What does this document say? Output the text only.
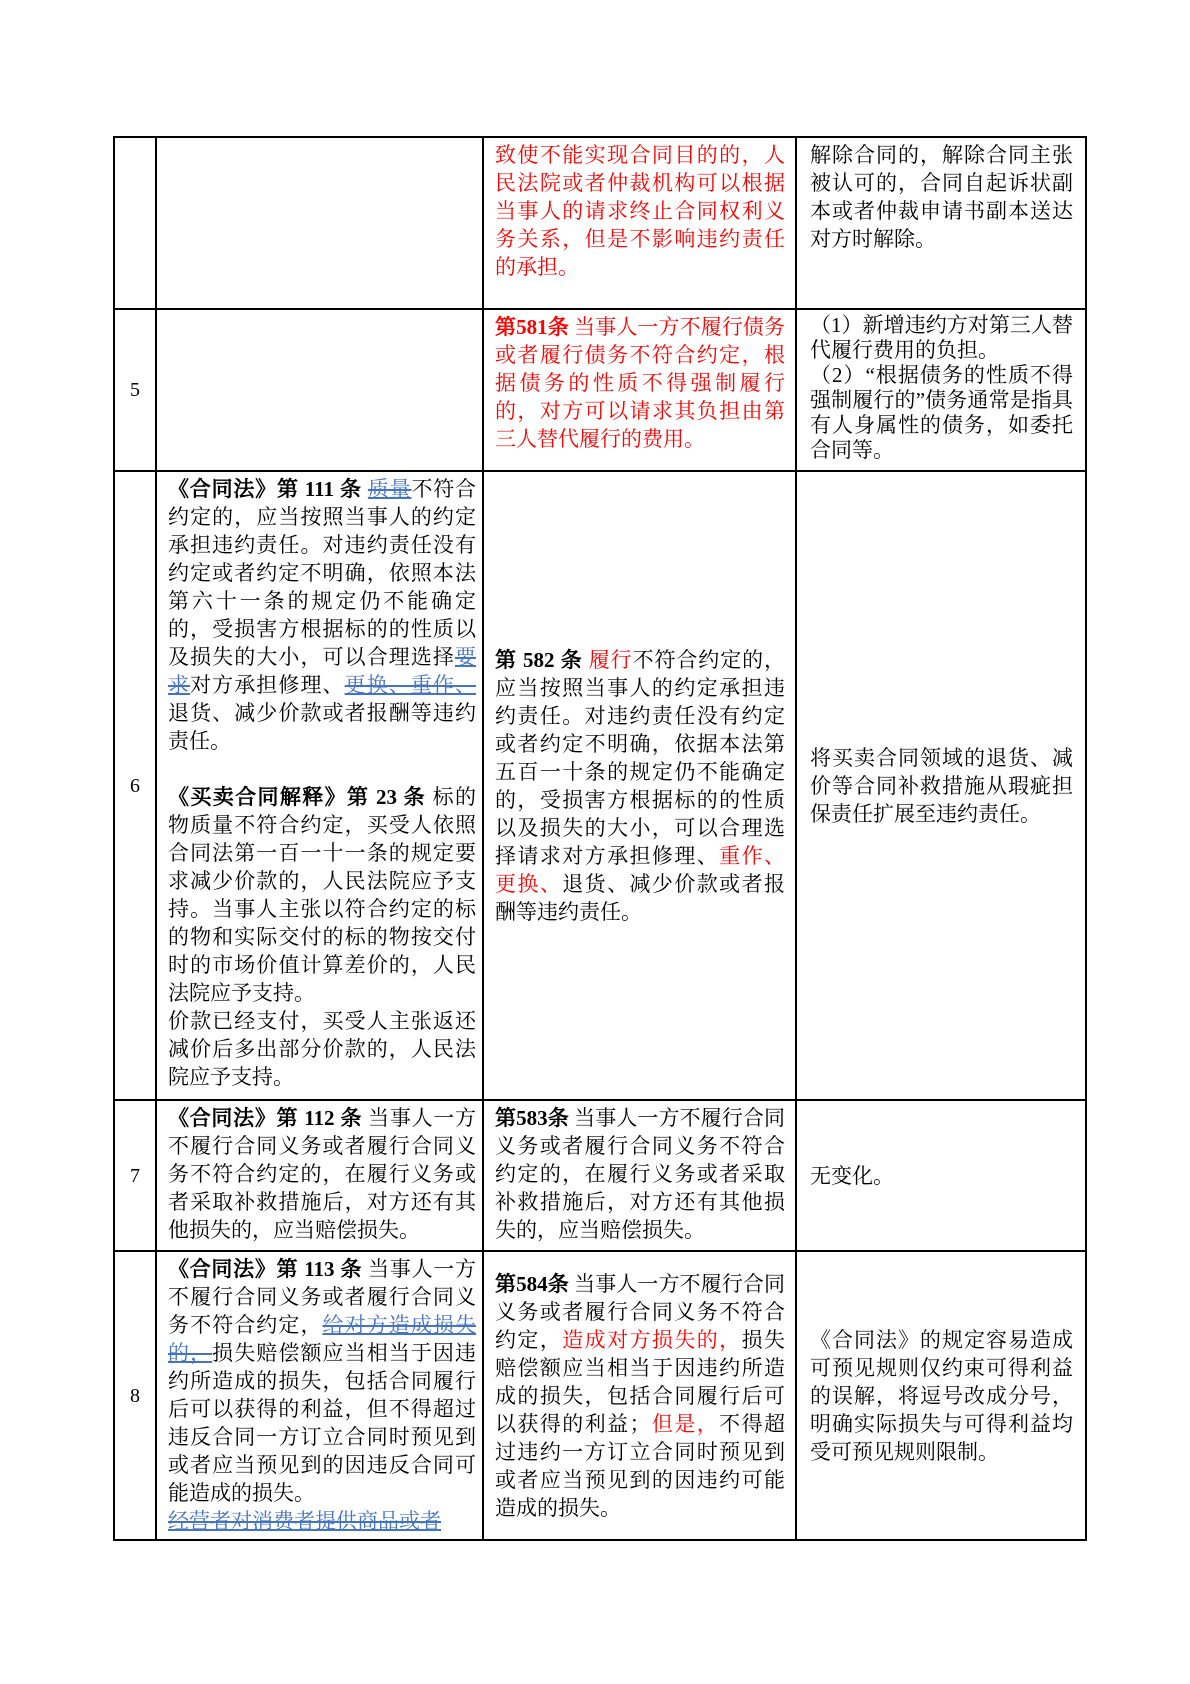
致使不能实现合同目的的，人民法院或者仲裁机构可以根据当事人的请求终止合同权利义务关系，但是不影响违约责任的承担。

解除合同的，解除合同主张被认可的，合同自起诉状副本或者仲裁申请书副本送达对方时解除。

5

第581条 当事人一方不履行债务或者履行债务不符合约定，根据债务的性质不得强制履行的，对方可以请求其负担由第三人替代履行的费用。

（1）新增违约方对第三人替代履行费用的负担。

（2）“根据债务的性质不得强制履行的”债务通常是指具有人身属性的债务，如委托合同等。

6

《合同法》第 111 条 质量不符合约定的，应当按照当事人的约定承担违约责任。对违约责任没有约定或者约定不明确，依照本法第六十一条的规定仍不能确定的，受损害方根据标的的性质以及损失的大小，可以合理选择要求对方承担修理、更换、重作、退货、减少价款或者报酬等违约责任。

《买卖合同解释》第 23 条 标的物质量不符合约定，买受人依照合同法第一百一十一条的规定要求减少价款的，人民法院应予支持。当事人主张以符合约定的标的物和实际交付的标的物按交付时的市场价值计算差价的，人民法院应予支持。

价款已经支付，买受人主张返还减价后多出部分价款的，人民法院应予支持。

第 582 条 履行不符合约定的，应当按照当事人的约定承担违约责任。对违约责任没有约定或者约定不明确，依据本法第五百一十条的规定仍不能确定的，受损害方根据标的的性质以及损失的大小，可以合理选择请求对方承担修理、重作、更换、退货、减少价款或者报酬等违约责任。

将买卖合同领域的退货、减价等合同补救措施从瑕疵担保责任扩展至违约责任。

7

《合同法》第 112 条 当事人一方不履行合同义务或者履行合同义务不符合约定的，在履行义务或者采取补救措施后，对方还有其他损失的，应当赔偿损失。

第583条 当事人一方不履行合同义务或者履行合同义务不符合约定的，在履行义务或者采取补救措施后，对方还有其他损失的，应当赔偿损失。

无变化。

8

《合同法》第 113 条 当事人一方不履行合同义务或者履行合同义务不符合约定，给对方造成损失的，损失赔偿额应当相当于因违约所造成的损失，包括合同履行后可以获得的利益，但不得超过违反合同一方订立合同时预见到或者应当预见到的因违反合同可能造成的损失。

经营者对消费者提供商品或者

第584条 当事人一方不履行合同义务或者履行合同义务不符合约定，造成对方损失的，损失赔偿额应当相当于因违约所造成的损失，包括合同履行后可以获得的利益；但是，不得超过违约一方订立合同时预见到或者应当预见到的因违约可能造成的损失。

《合同法》的规定容易造成可预见规则仅约束可得利益的误解，将逗号改成分号，明确实际损失与可得利益均受可预见规则限制。
